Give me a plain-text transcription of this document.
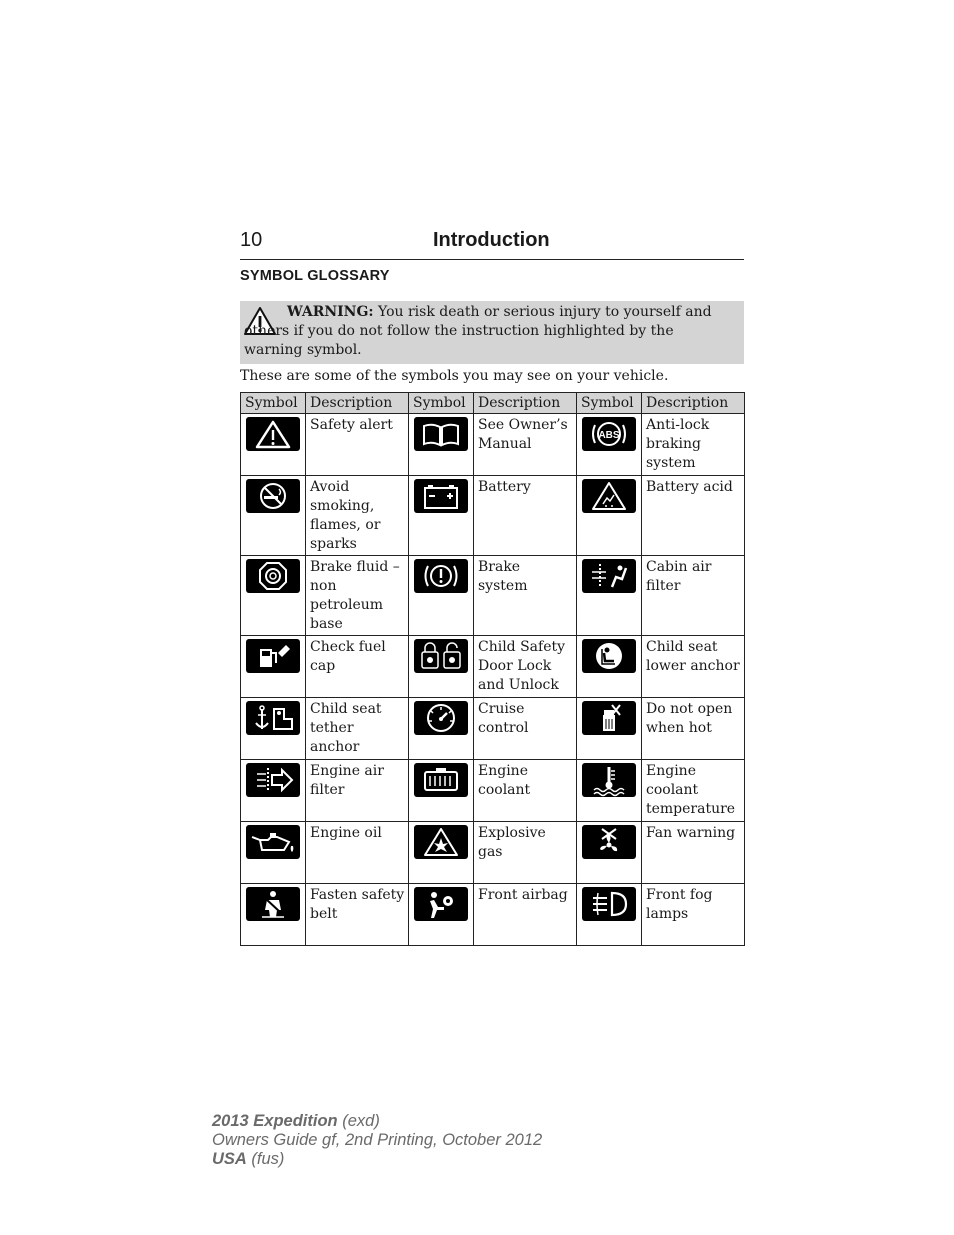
10	Introduction
SYMBOL GLOSSARY
WARNING: You risk death or serious injury to yourself and others if you do not follow the instruction highlighted by the warning symbol.
These are some of the symbols you may see on your vehicle.
Symbol	Description	Symbol	Description	Symbol	Description

	Safety alert		See Owner’s Manual	ABS	Anti-lock braking system

	Avoid smoking, flames, or sparks		Battery		Battery acid

	Brake fluid – non petroleum base		Brake system		Cabin air filter

	Check fuel cap		Child Safety Door Lock and Unlock		Child seat lower anchor

	Child seat tether anchor		Cruise control		Do not open when hot

	Engine air filter		Engine coolant		Engine coolant temperature

	Engine oil		Explosive gas		Fan warning

	Fasten safety belt		Front airbag		Front fog lamps
2013 Expedition (exd)
Owners Guide gf, 2nd Printing, October 2012
USA (fus)
